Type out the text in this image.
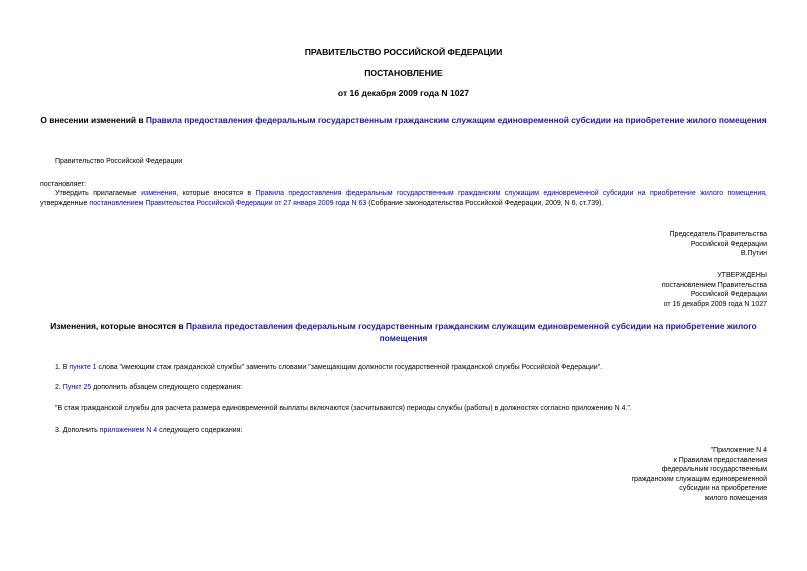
ПРАВИТЕЛЬСТВО РОССИЙСКОЙ ФЕДЕРАЦИИ
ПОСТАНОВЛЕНИЕ
от 16 декабря 2009 года N 1027
О внесении изменений в Правила предоставления федеральным государственным гражданским служащим единовременной субсидии на приобретение жилого помещения
Правительство Российской Федерации
постановляет:
Утвердить прилагаемые изменения, которые вносятся в Правила предоставления федеральным государственным гражданским служащим единовременной субсидии на приобретение жилого помещения, утвержденные постановлением Правительства Российской Федерации от 27 января 2009 года N 63 (Собрание законодательства Российской Федерации, 2009, N 6, ст.739).
Председатель Правительства
Российской Федерации
В.Путин
УТВЕРЖДЕНЫ
постановлением Правительства
Российской Федерации
от 16 декабря 2009 года N 1027
Изменения, которые вносятся в Правила предоставления федеральным государственным гражданским служащим единовременной субсидии на приобретение жилого помещения
1. В пункте 1 слова "имеющим стаж гражданской службы" заменить словами "замещающим должности государственной гражданской службы Российской Федерации".
2. Пункт 25 дополнить абзацем следующего содержания:
"В стаж гражданской службы для расчета размера единовременной выплаты включаются (засчитываются) периоды службы (работы) в должностях согласно приложению N 4.".
3. Дополнить приложением N 4 следующего содержания:
"Приложение N 4
к Правилам предоставления
федеральным государственным
гражданским служащим единовременной
субсидии на приобретение
жилого помещения
